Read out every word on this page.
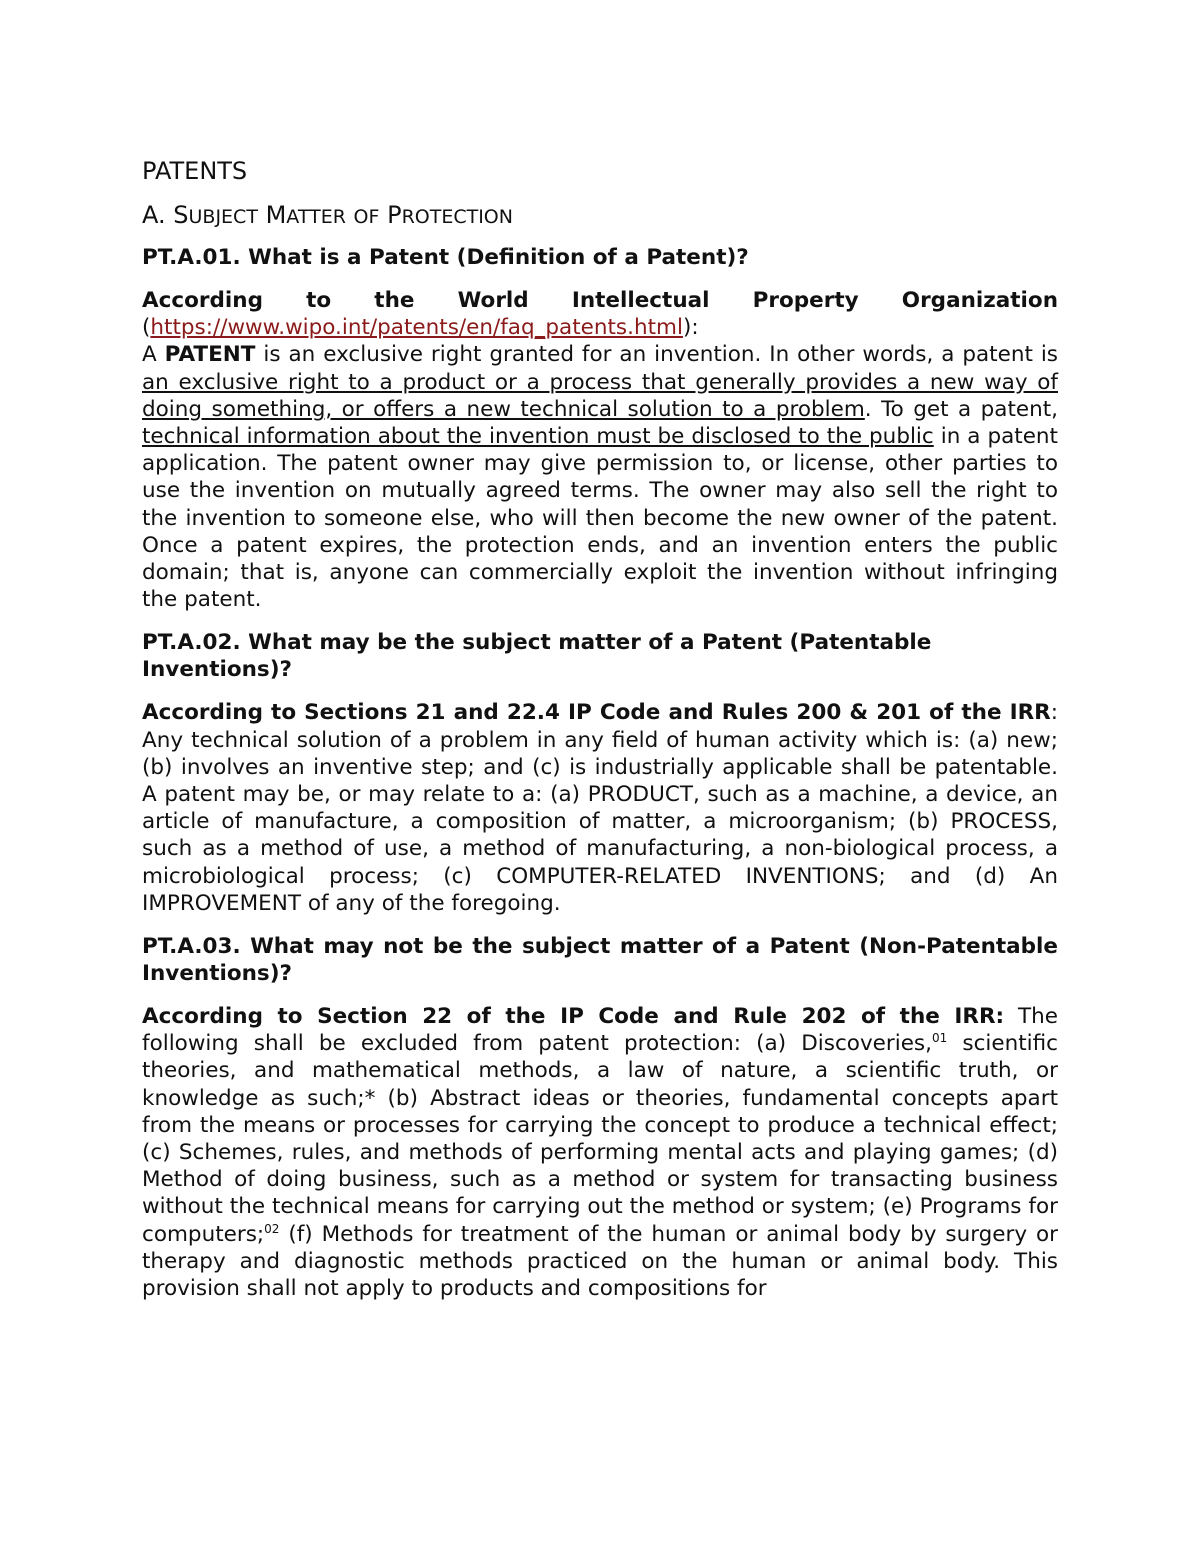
PATENTS
A. SUBJECT MATTER OF PROTECTION
PT.A.01. What is a Patent (Definition of a Patent)?
According to the World Intellectual Property Organization
(https://www.wipo.int/patents/en/faq_patents.html):
A PATENT is an exclusive right granted for an invention. In other words, a patent is an exclusive right to a product or a process that generally provides a new way of doing something, or offers a new technical solution to a problem. To get a patent, technical information about the invention must be disclosed to the public in a patent application. The patent owner may give permission to, or license, other parties to use the invention on mutually agreed terms. The owner may also sell the right to the invention to someone else, who will then become the new owner of the patent. Once a patent expires, the protection ends, and an invention enters the public domain; that is, anyone can commercially exploit the invention without infringing the patent.
PT.A.02. What may be the subject matter of a Patent (Patentable Inventions)?
According to Sections 21 and 22.4 IP Code and Rules 200 & 201 of the IRR: Any technical solution of a problem in any field of human activity which is: (a) new; (b) involves an inventive step; and (c) is industrially applicable shall be patentable. A patent may be, or may relate to a: (a) PRODUCT, such as a machine, a device, an article of manufacture, a composition of matter, a microorganism; (b) PROCESS, such as a method of use, a method of manufacturing, a non-biological process, a microbiological process; (c) COMPUTER-RELATED INVENTIONS; and (d) An IMPROVEMENT of any of the foregoing.
PT.A.03. What may not be the subject matter of a Patent (Non-Patentable Inventions)?
According to Section 22 of the IP Code and Rule 202 of the IRR: The following shall be excluded from patent protection: (a) Discoveries,$^{01}$ scientific theories, and mathematical methods, a law of nature, a scientific truth, or knowledge as such;* (b) Abstract ideas or theories, fundamental concepts apart from the means or processes for carrying the concept to produce a technical effect; (c) Schemes, rules, and methods of performing mental acts and playing games; (d) Method of doing business, such as a method or system for transacting business without the technical means for carrying out the method or system; (e) Programs for computers;$^{02}$ (f) Methods for treatment of the human or animal body by surgery or therapy and diagnostic methods practiced on the human or animal body. This provision shall not apply to products and compositions for
